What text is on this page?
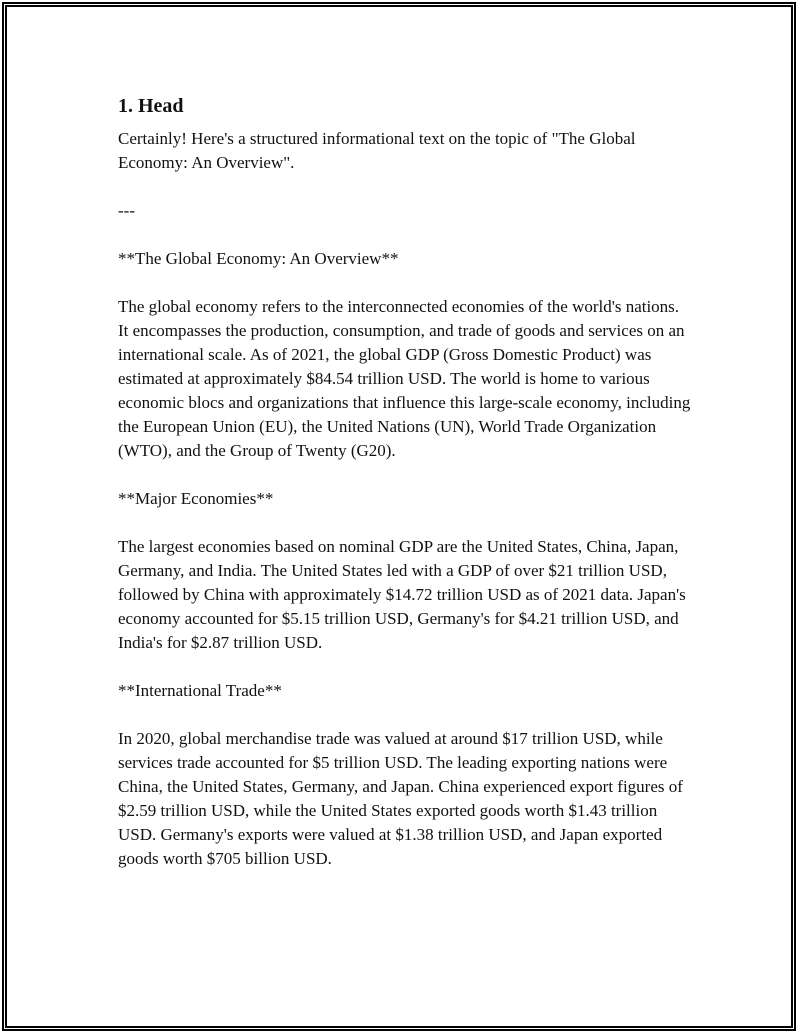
1. Head

Certainly! Here's a structured informational text on the topic of "The Global Economy: An Overview".

---

**The Global Economy: An Overview**

The global economy refers to the interconnected economies of the world's nations. It encompasses the production, consumption, and trade of goods and services on an international scale. As of 2021, the global GDP (Gross Domestic Product) was estimated at approximately $84.54 trillion USD. The world is home to various economic blocs and organizations that influence this large-scale economy, including the European Union (EU), the United Nations (UN), World Trade Organization (WTO), and the Group of Twenty (G20).

**Major Economies**

The largest economies based on nominal GDP are the United States, China, Japan, Germany, and India. The United States led with a GDP of over $21 trillion USD, followed by China with approximately $14.72 trillion USD as of 2021 data. Japan's economy accounted for $5.15 trillion USD, Germany's for $4.21 trillion USD, and India's for $2.87 trillion USD.

**International Trade**

In 2020, global merchandise trade was valued at around $17 trillion USD, while services trade accounted for $5 trillion USD. The leading exporting nations were China, the United States, Germany, and Japan. China experienced export figures of $2.59 trillion USD, while the United States exported goods worth $1.43 trillion USD. Germany's exports were valued at $1.38 trillion USD, and Japan exported goods worth $705 billion USD.
